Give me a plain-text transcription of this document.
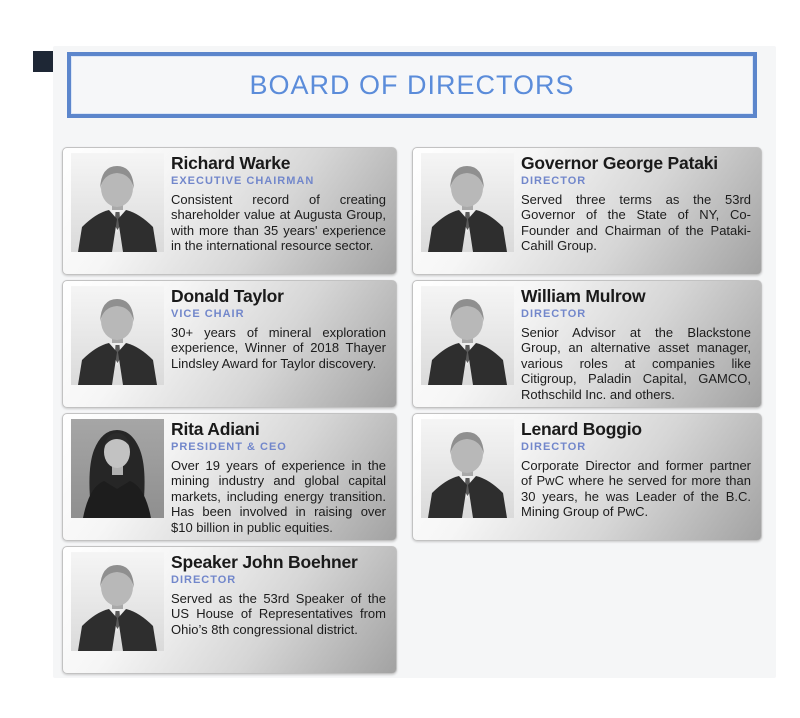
BOARD OF DIRECTORS
Richard Warke
EXECUTIVE CHAIRMAN
Consistent record of creating shareholder value at Augusta Group, with more than 35 years' experience in the international resource sector.
Donald Taylor
VICE CHAIR
30+ years of mineral exploration experience, Winner of 2018 Thayer Lindsley Award for Taylor discovery.
Rita Adiani
PRESIDENT & CEO
Over 19 years of experience in the mining industry and global capital markets, including energy transition. Has been involved in raising over $10 billion in public equities.
Speaker John Boehner
DIRECTOR
Served as the 53rd Speaker of the US House of Representatives from Ohio’s 8th congressional district.
Governor George Pataki
DIRECTOR
Served three terms as the 53rd Governor of the State of NY, Co-Founder and Chairman of the Pataki-Cahill Group.
William Mulrow
DIRECTOR
Senior Advisor at the Blackstone Group, an alternative asset manager, various roles at companies like Citigroup, Paladin Capital, GAMCO, Rothschild Inc. and others.
Lenard Boggio
DIRECTOR
Corporate Director and former partner of PwC where he served for more than 30 years, he was Leader of the B.C. Mining Group of PwC.
